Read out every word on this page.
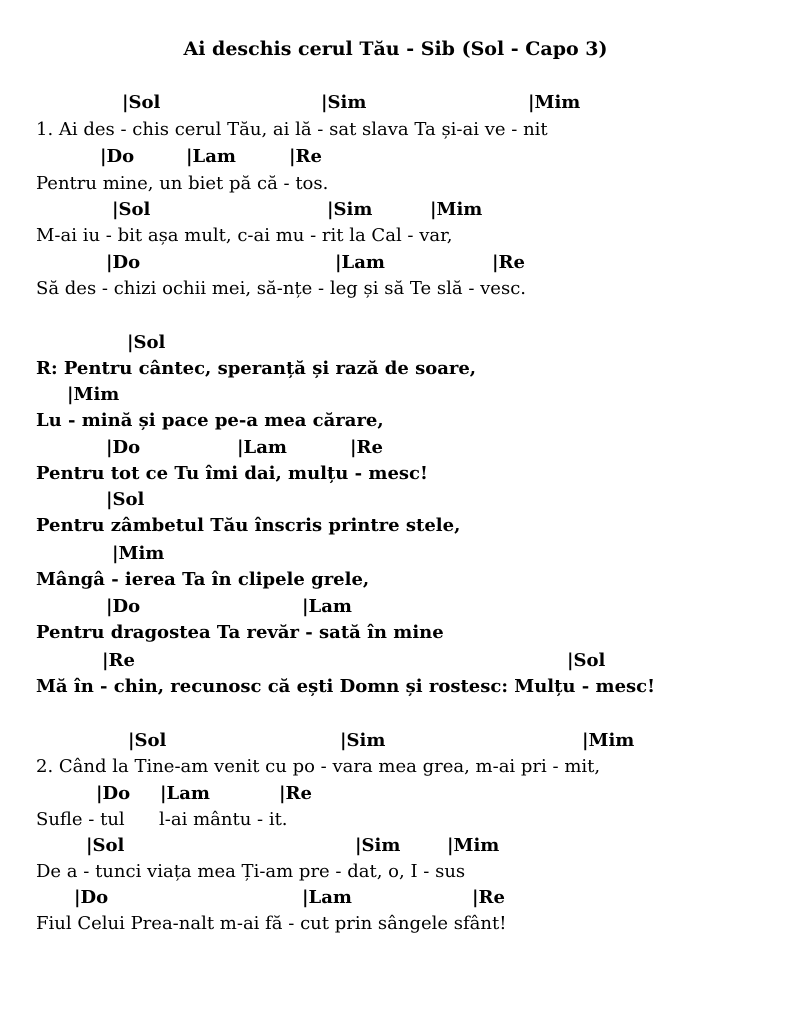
Ai deschis cerul Tău - Sib (Sol - Capo 3)
|Sol	|Sim	|Mim
1. Ai des - chis cerul Tău, ai lă - sat slava Ta și-ai ve - nit
|Do	|Lam	|Re
Pentru mine, un biet pă că - tos.
|Sol	|Sim	|Mim
M-ai iu - bit așa mult, c-ai mu - rit la Cal - var,
|Do	|Lam	|Re
Să des - chizi ochii mei, să-nțe - leg și să Te slă - vesc.
|Sol
R: Pentru cântec, speranță și rază de soare,
|Mim
Lu - mină și pace pe-a mea cărare,
|Do	|Lam	|Re
Pentru tot ce Tu îmi dai, mulțu - mesc!
|Sol
Pentru zâmbetul Tău înscris printre stele,
|Mim
Mângâ - ierea Ta în clipele grele,
|Do	|Lam
Pentru dragostea Ta revăr - sată în mine
|Re	|Sol
Mă în - chin, recunosc că ești Domn și rostesc: Mulțu - mesc!
|Sol	|Sim	|Mim
2. Când la Tine-am venit cu po - vara mea grea, m-ai pri - mit,
|Do |Lam	|Re
Sufle - tul      l-ai mântu - it.
|Sol	|Sim	|Mim
De a - tunci viața mea Ți-am pre - dat, o, I - sus
|Do	|Lam	|Re
Fiul Celui Prea-nalt m-ai fă - cut prin sângele sfânt!
